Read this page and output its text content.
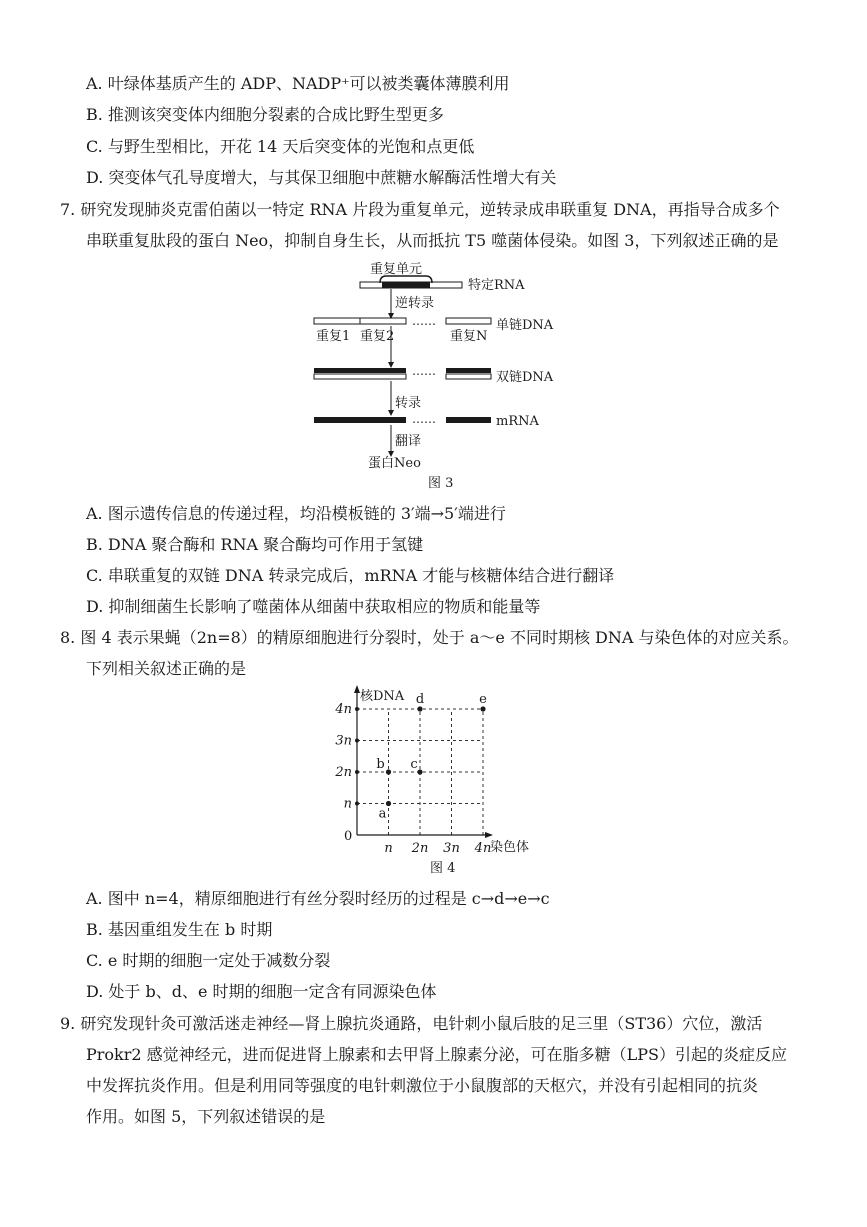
A. 叶绿体基质产生的 ADP、NADP⁺可以被类囊体薄膜利用
B. 推测该突变体内细胞分裂素的合成比野生型更多
C. 与野生型相比，开花 14 天后突变体的光饱和点更低
D. 突变体气孔导度增大，与其保卫细胞中蔗糖水解酶活性增大有关
7. 研究发现肺炎克雷伯菌以一特定 RNA 片段为重复单元，逆转录成串联重复 DNA，再指导合成多个
串联重复肽段的蛋白 Neo，抑制自身生长，从而抵抗 T5 噬菌体侵染。如图 3，下列叙述正确的是
重复单元
特定RNA
逆转录
……	单链DNA
重复1 重复2	重复N
……	双链DNA
转录
……	mRNA
翻译
蛋白Neo
图 3
A. 图示遗传信息的传递过程，均沿模板链的 3′端→5′端进行
B. DNA 聚合酶和 RNA 聚合酶均可作用于氢键
C. 串联重复的双链 DNA 转录完成后，mRNA 才能与核糖体结合进行翻译
D. 抑制细菌生长影响了噬菌体从细菌中获取相应的物质和能量等
8. 图 4 表示果蝇（2n=8）的精原细胞进行分裂时，处于 a～e 不同时期核 DNA 与染色体的对应关系。
下列相关叙述正确的是
核DNA
染色体
0
n
2n
3n
4n
n 2n 3n 4n
a
b c
d	e
图 4
A. 图中 n=4，精原细胞进行有丝分裂时经历的过程是 c→d→e→c
B. 基因重组发生在 b 时期
C. e 时期的细胞一定处于减数分裂
D. 处于 b、d、e 时期的细胞一定含有同源染色体
9. 研究发现针灸可激活迷走神经—肾上腺抗炎通路，电针刺小鼠后肢的足三里（ST36）穴位，激活
Prokr2 感觉神经元，进而促进肾上腺素和去甲肾上腺素分泌，可在脂多糖（LPS）引起的炎症反应
中发挥抗炎作用。但是利用同等强度的电针刺激位于小鼠腹部的天枢穴，并没有引起相同的抗炎
作用。如图 5，下列叙述错误的是
